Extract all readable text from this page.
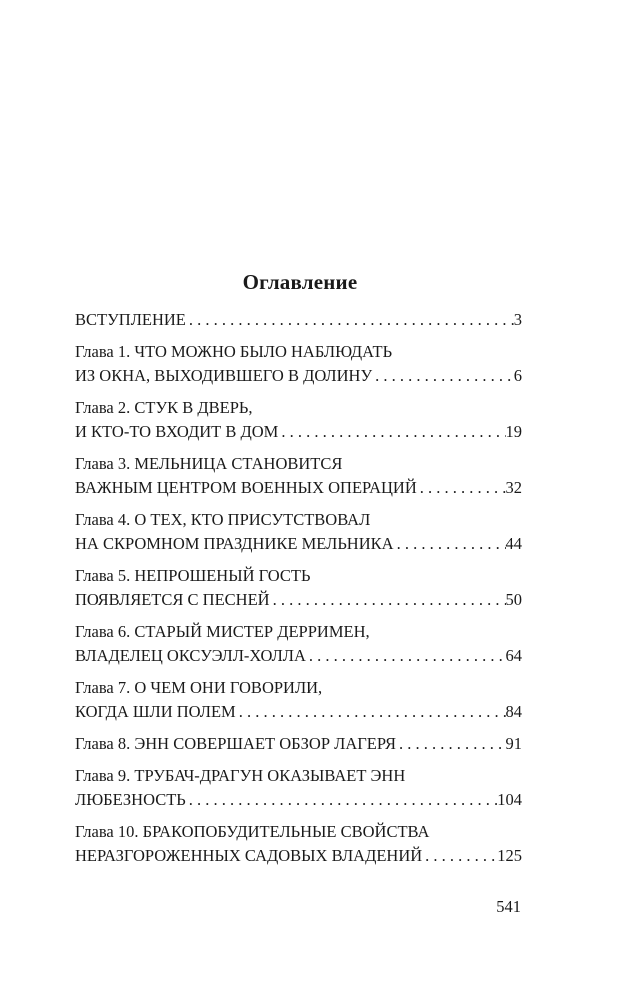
Оглавление
ВСТУПЛЕНИЕ . . .	3
Глава 1. ЧТО МОЖНО БЫЛО НАБЛЮДАТЬ
ИЗ ОКНА, ВЫХОДИВШЕГО В ДОЛИНУ . . .	6
Глава 2. СТУК В ДВЕРЬ,
И КТО-ТО ВХОДИТ В ДОМ . . .	19
Глава 3. МЕЛЬНИЦА СТАНОВИТСЯ
ВАЖНЫМ ЦЕНТРОМ ВОЕННЫХ ОПЕРАЦИЙ . . .	32
Глава 4. О ТЕХ, КТО ПРИСУТСТВОВАЛ
НА СКРОМНОМ ПРАЗДНИКЕ МЕЛЬНИКА . . .	44
Глава 5. НЕПРОШЕНЫЙ ГОСТЬ
ПОЯВЛЯЕТСЯ С ПЕСНЕЙ . . .	50
Глава 6. СТАРЫЙ МИСТЕР ДЕРРИМЕН,
ВЛАДЕЛЕЦ ОКСУЭЛЛ-ХОЛЛА . . .	64
Глава 7. О ЧЕМ ОНИ ГОВОРИЛИ,
КОГДА ШЛИ ПОЛЕМ . . .	84
Глава 8. ЭНН СОВЕРШАЕТ ОБЗОР ЛАГЕРЯ . . .	91
Глава 9. ТРУБАЧ-ДРАГУН ОКАЗЫВАЕТ ЭНН
ЛЮБЕЗНОСТЬ . . .	104
Глава 10. БРАКОПОБУДИТЕЛЬНЫЕ СВОЙСТВА
НЕРАЗГОРОЖЕННЫХ САДОВЫХ ВЛАДЕНИЙ . . .	125
541
